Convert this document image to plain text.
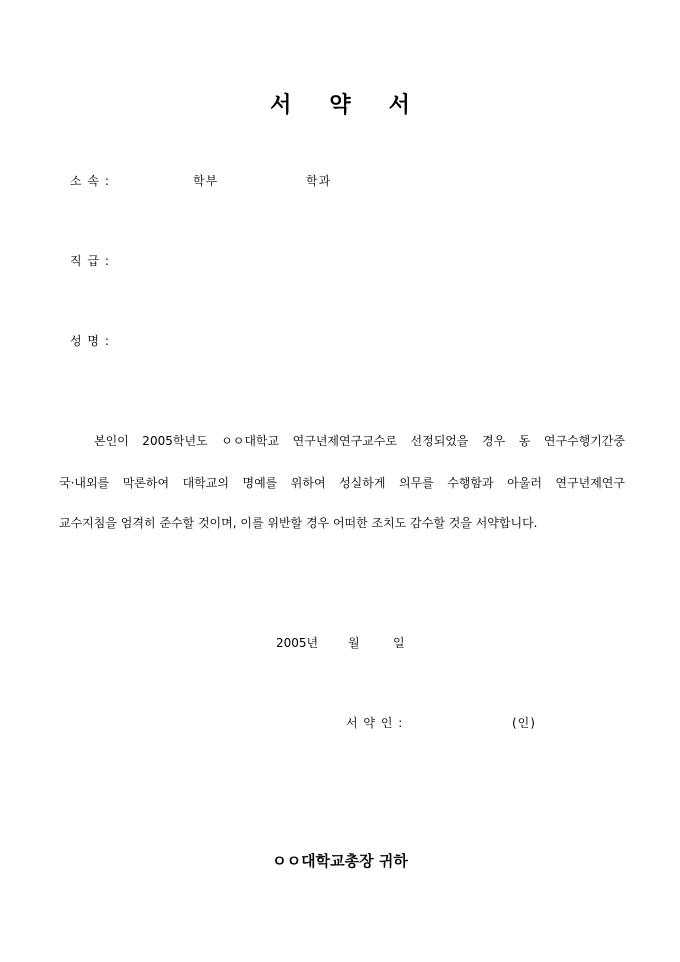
서 약 서
소 속 :	학부	학과
직 급 :
성 명 :
본인이 2005학년도 ㅇㅇ대학교 연구년제연구교수로 선정되었을 경우 동 연구수행기간중
국·내외를 막론하여 대학교의 명예를 위하여 성실하게 의무를 수행함과 아울러 연구년제연구
교수지침을 엄격히 준수할 것이며, 이를 위반할 경우 어떠한 조치도 감수할 것을 서약합니다.
2005년 월	일
서 약 인 :	(인)
ㅇㅇ대학교총장 귀하
